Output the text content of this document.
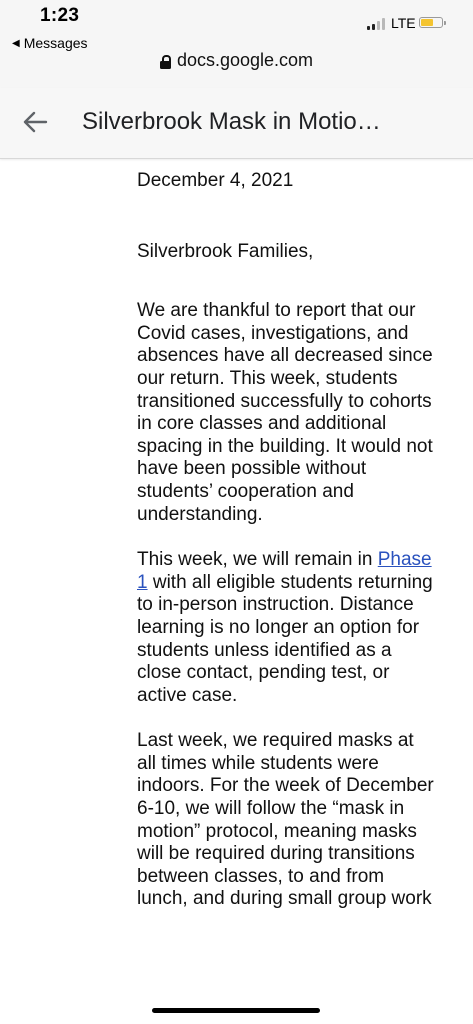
1:23
◀ Messages
LTE
docs.google.com
Silverbrook Mask in Motio…

December 4, 2021

Silverbrook Families,

We are thankful to report that our Covid cases, investigations, and absences have all decreased since our return. This week, students transitioned successfully to cohorts in core classes and additional spacing in the building. It would not have been possible without students’ cooperation and understanding.

This week, we will remain in Phase 1 with all eligible students returning to in-person instruction. Distance learning is no longer an option for students unless identified as a close contact, pending test, or active case.

Last week, we required masks at all times while students were indoors. For the week of December 6-10, we will follow the “mask in motion” protocol, meaning masks will be required during transitions between classes, to and from lunch, and during small group work
